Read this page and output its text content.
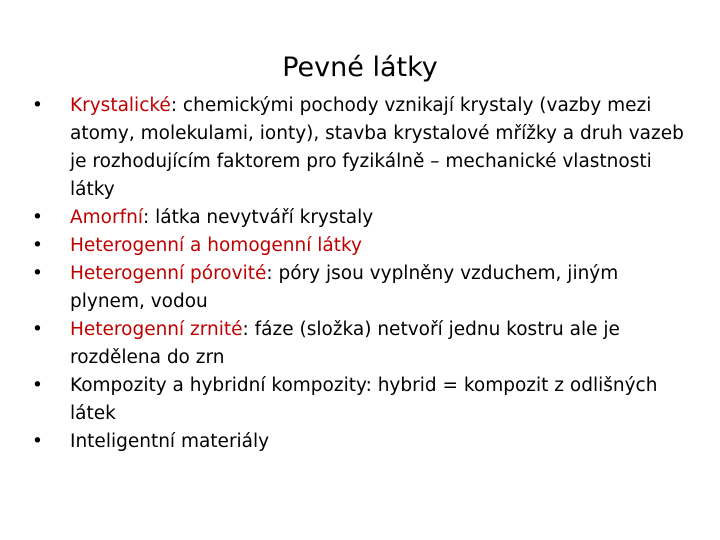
Pevné látky
• Krystalické: chemickými pochody vznikají krystaly (vazby mezi atomy, molekulami, ionty), stavba krystalové mřížky a druh vazeb je rozhodujícím faktorem pro fyzikálně – mechanické vlastnosti látky
• Amorfní: látka nevytváří krystaly
• Heterogenní a homogenní látky
• Heterogenní pórovité: póry jsou vyplněny vzduchem, jiným plynem, vodou
• Heterogenní zrnité: fáze (složka) netvoří jednu kostru ale je rozdělena do zrn
• Kompozity a hybridní kompozity: hybrid = kompozit z odlišných látek
• Inteligentní materiály
